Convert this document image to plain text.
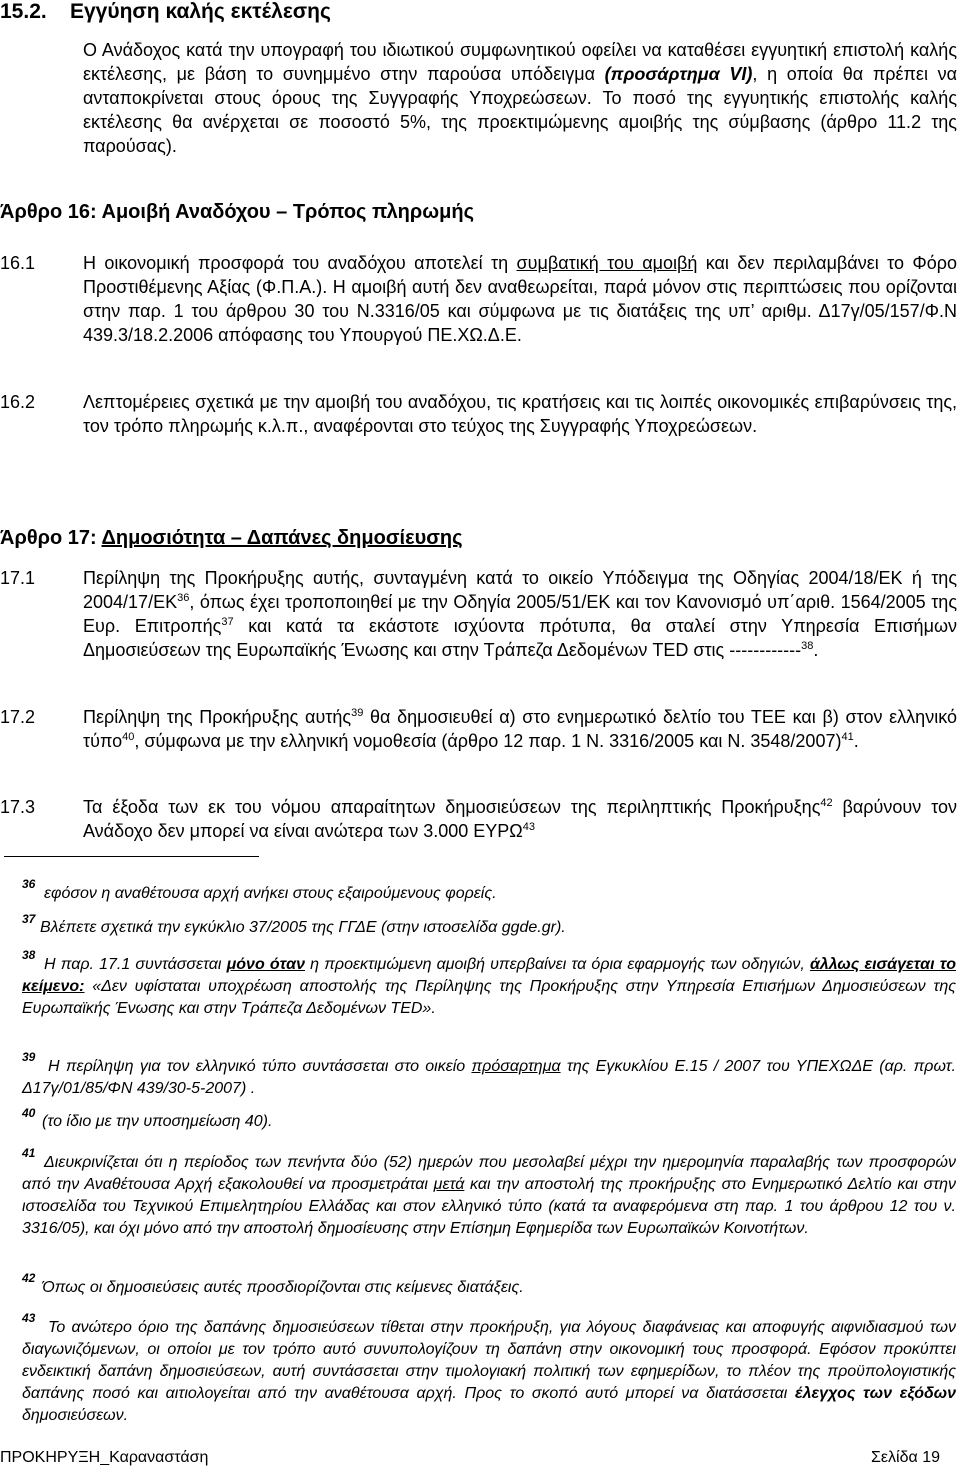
15.2. Εγγύηση καλής εκτέλεσης
Ο Ανάδοχος κατά την υπογραφή του ιδιωτικού συμφωνητικού οφείλει να καταθέσει εγγυητική επιστολή καλής εκτέλεσης, με βάση το συνημμένο στην παρούσα υπόδειγμα (προσάρτημα VI), η οποία θα πρέπει να ανταποκρίνεται στους όρους της Συγγραφής Υποχρεώσεων. Το ποσό της εγγυητικής επιστολής καλής εκτέλεσης θα ανέρχεται σε ποσοστό 5%, της προεκτιμώμενης αμοιβής της σύμβασης (άρθρο 11.2 της παρούσας).
Άρθρο 16: Αμοιβή Αναδόχου – Τρόπος πληρωμής
16.1	Η οικονομική προσφορά του αναδόχου αποτελεί τη συμβατική του αμοιβή και δεν περιλαμβάνει το Φόρο Προστιθέμενης Αξίας (Φ.Π.Α.). Η αμοιβή αυτή δεν αναθεωρείται, παρά μόνον στις περιπτώσεις που ορίζονται στην παρ. 1 του άρθρου 30 του Ν.3316/05 και σύμφωνα με τις διατάξεις της υπ’ αριθμ. Δ17γ/05/157/Φ.Ν 439.3/18.2.2006 απόφασης του Υπουργού ΠΕ.ΧΩ.Δ.Ε.
16.2	Λεπτομέρειες σχετικά με την αμοιβή του αναδόχου, τις κρατήσεις και τις λοιπές οικονομικές επιβαρύνσεις της, τον τρόπο πληρωμής κ.λ.π., αναφέρονται στο τεύχος της Συγγραφής Υποχρεώσεων.
Άρθρο 17: Δημοσιότητα – Δαπάνες δημοσίευσης
17.1	Περίληψη της Προκήρυξης αυτής, συνταγμένη κατά το οικείο Υπόδειγμα της Οδηγίας 2004/18/ΕΚ ή της 2004/17/ΕΚ$^{36}$, όπως έχει τροποποιηθεί με την Οδηγία 2005/51/ΕΚ και τον Κανονισμό υπ΄αριθ. 1564/2005 της Ευρ. Επιτροπής$^{37}$ και κατά τα εκάστοτε ισχύοντα πρότυπα, θα σταλεί στην Υπηρεσία Επισήμων Δημοσιεύσεων της Ευρωπαϊκής Ένωσης και στην Τράπεζα Δεδομένων TED στις ------------$^{38}$.
17.2	Περίληψη της Προκήρυξης αυτής$^{39}$ θα δημοσιευθεί α) στο ενημερωτικό δελτίο του ΤΕΕ και β) στον ελληνικό τύπο$^{40}$, σύμφωνα με την ελληνική νομοθεσία (άρθρο 12 παρ. 1 Ν. 3316/2005 και Ν. 3548/2007)$^{41}$.
17.3	Τα έξοδα των εκ του νόμου απαραίτητων δημοσιεύσεων της περιληπτικής Προκήρυξης$^{42}$ βαρύνουν τον Ανάδοχο δεν μπορεί να είναι ανώτερα των 3.000 ΕΥΡΩ$^{43}$
36
εφόσον η αναθέτουσα αρχή ανήκει στους εξαιρούμενους φορείς.
37 Βλέπετε σχετικά την εγκύκλιο 37/2005 της ΓΓΔΕ (στην ιστοσελίδα ggde.gr).
38
Η παρ. 17.1 συντάσσεται μόνο όταν η προεκτιμώμενη αμοιβή υπερβαίνει τα όρια εφαρμογής των οδηγιών, άλλως εισάγεται το κείμενο: «Δεν υφίσταται υποχρέωση αποστολής της Περίληψης της Προκήρυξης στην Υπηρεσία Επισήμων Δημοσιεύσεων της Ευρωπαϊκής Ένωσης και στην Τράπεζα Δεδομένων TED».
39
Η περίληψη για τον ελληνικό τύπο συντάσσεται στο οικείο πρόσαρτημα της Εγκυκλίου Ε.15 / 2007 του ΥΠΕΧΩΔΕ (αρ. πρωτ. Δ17γ/01/85/ΦΝ 439/30-5-2007) .
40 (το ίδιο με την υποσημείωση 40).
41
Διευκρινίζεται ότι η περίοδος των πενήντα δύο (52) ημερών που μεσολαβεί μέχρι την ημερομηνία παραλαβής των προσφορών από την Αναθέτουσα Αρχή εξακολουθεί να προσμετράται μετά και την αποστολή της προκήρυξης στο Ενημερωτικό Δελτίο και στην ιστοσελίδα του Τεχνικού Επιμελητηρίου Ελλάδας και στον ελληνικό τύπο (κατά τα αναφερόμενα στη παρ. 1 του άρθρου 12 του ν. 3316/05), και όχι μόνο από την αποστολή δημοσίευσης στην Επίσημη Εφημερίδα των Ευρωπαϊκών Κοινοτήτων.
42
Όπως οι δημοσιεύσεις αυτές προσδιορίζονται στις κείμενες διατάξεις.
43
Το ανώτερο όριο της δαπάνης δημοσιεύσεων τίθεται στην προκήρυξη, για λόγους διαφάνειας και αποφυγής αιφνιδιασμού των διαγωνιζόμενων, οι οποίοι με τον τρόπο αυτό συνυπολογίζουν τη δαπάνη στην οικονομική τους προσφορά. Εφόσον προκύπτει ενδεικτική δαπάνη δημοσιεύσεων, αυτή συντάσσεται στην τιμολογιακή πολιτική των εφημερίδων, το πλέον της προϋπολογιστικής δαπάνης ποσό και αιτιολογείται από την αναθέτουσα αρχή. Προς το σκοπό αυτό μπορεί να διατάσσεται έλεγχος των εξόδων δημοσιεύσεων.
ΠΡΟΚΗΡΥΞΗ_Καραναστάση	Σελίδα 19
